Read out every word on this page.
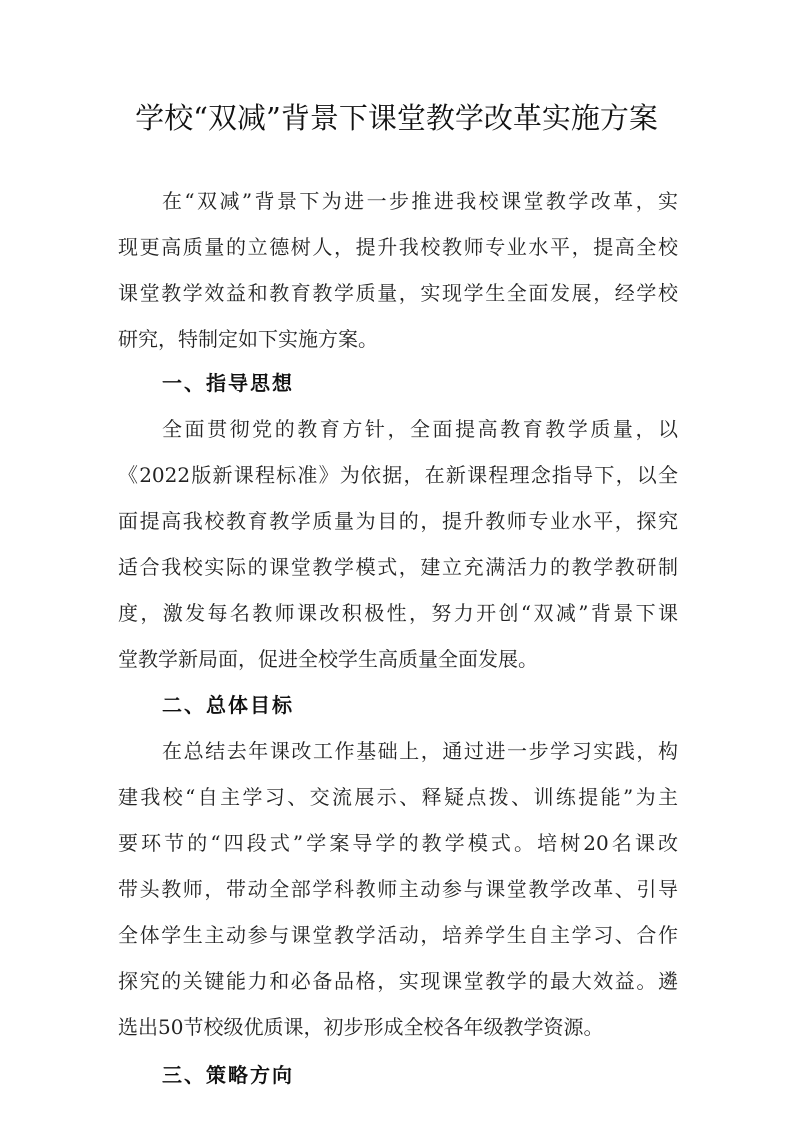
学校“双减”背景下课堂教学改革实施方案
在“双减”背景下为进一步推进我校课堂教学改革，实
现更高质量的立德树人，提升我校教师专业水平，提高全校
课堂教学效益和教育教学质量，实现学生全面发展，经学校
研究，特制定如下实施方案。
一、指导思想
全面贯彻党的教育方针，全面提高教育教学质量，以
《2022版新课程标准》为依据，在新课程理念指导下，以全
面提高我校教育教学质量为目的，提升教师专业水平，探究
适合我校实际的课堂教学模式，建立充满活力的教学教研制
度，激发每名教师课改积极性，努力开创“双减”背景下课
堂教学新局面，促进全校学生高质量全面发展。
二、总体目标
在总结去年课改工作基础上，通过进一步学习实践，构
建我校“自主学习、交流展示、释疑点拨、训练提能”为主
要环节的“四段式”学案导学的教学模式。培树20名课改
带头教师，带动全部学科教师主动参与课堂教学改革、引导
全体学生主动参与课堂教学活动，培养学生自主学习、合作
探究的关键能力和必备品格，实现课堂教学的最大效益。遴
选出50节校级优质课，初步形成全校各年级教学资源。
三、策略方向
